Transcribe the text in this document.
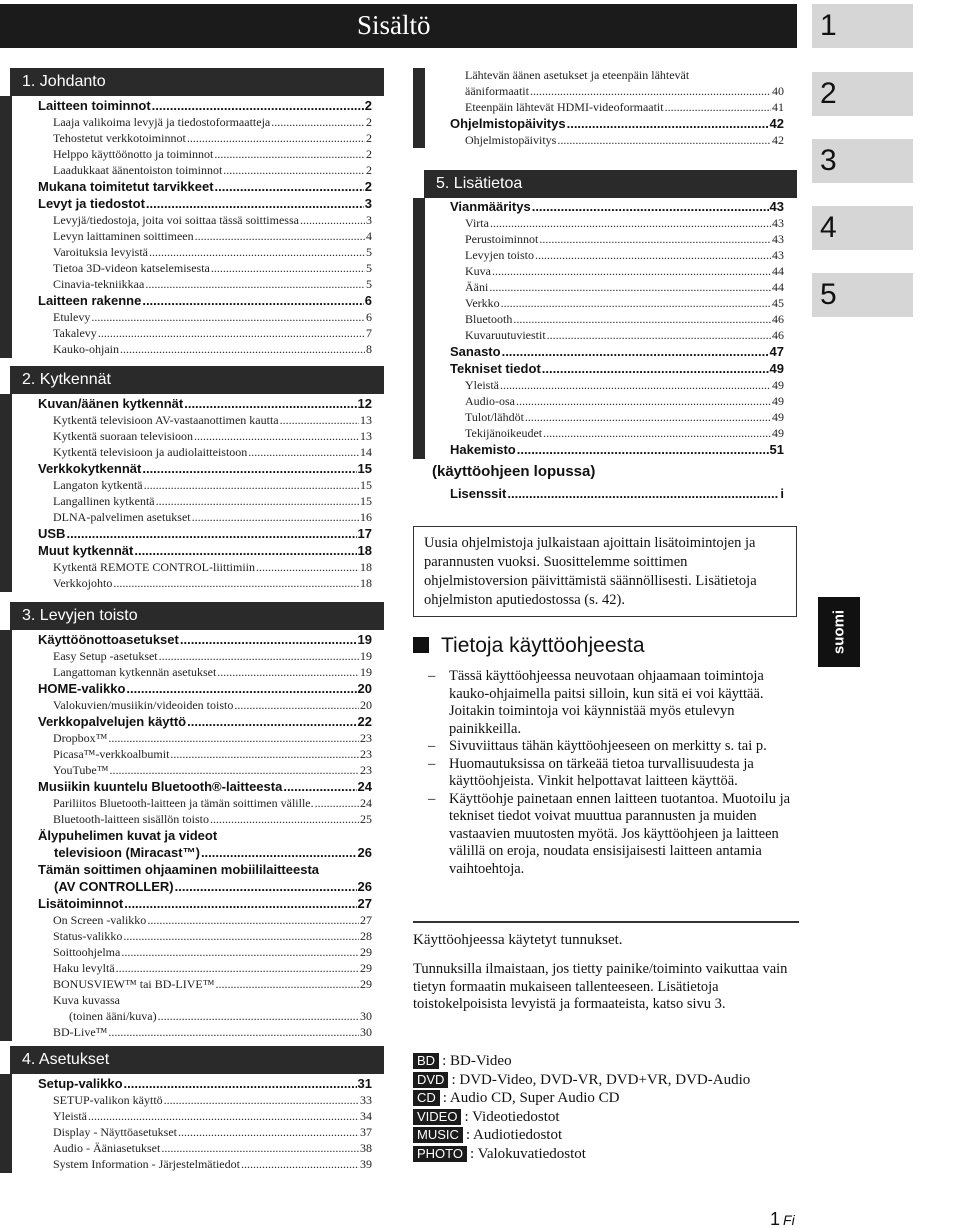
Sisältö	1
2
3
4
5
suomi
1. Johdanto
Laitteen toiminnot .....	2
Laaja valikoima levyjä ja tiedostoformaatteja .....	2
Tehostetut verkkotoiminnot .....	2
Helppo käyttöönotto ja toiminnot .....	2
Laadukkaat äänentoiston toiminnot .....	2
Mukana toimitetut tarvikkeet .....	2
Levyt ja tiedostot .....	3
Levyjä/tiedostoja, joita voi soittaa tässä soittimessa .....	3
Levyn laittaminen soittimeen .....	4
Varoituksia levyistä .....	5
Tietoa 3D-videon katselemisesta .....	5
Cinavia-tekniikkaa .....	5
Laitteen rakenne .....	6
Etulevy .....	6
Takalevy .....	7
Kauko-ohjain .....	8
2. Kytkennät
Kuvan/äänen kytkennät .....	12
Kytkentä televisioon AV-vastaanottimen kautta .....	13
Kytkentä suoraan televisioon .....	13
Kytkentä televisioon ja audiolaitteistoon .....	14
Verkkokytkennät .....	15
Langaton kytkentä .....	15
Langallinen kytkentä .....	15
DLNA-palvelimen asetukset .....	16
USB .....	17
Muut kytkennät .....	18
Kytkentä REMOTE CONTROL-liittimiin .....	18
Verkkojohto .....	18
3. Levyjen toisto
Käyttöönottoasetukset .....	19
Easy Setup -asetukset .....	19
Langattoman kytkennän asetukset .....	19
HOME-valikko .....	20
Valokuvien/musiikin/videoiden toisto .....	20
Verkkopalvelujen käyttö .....	22
Dropbox™ .....	23
Picasa™-verkkoalbumit .....	23
YouTube™ .....	23
Musiikin kuuntelu Bluetooth®-laitteesta .....	24
Pariliitos Bluetooth-laitteen ja tämän soittimen välille. .....	24
Bluetooth-laitteen sisällön toisto .....	25
Älypuhelimen kuvat ja videot
televisioon (Miracast™) .....	26
Tämän soittimen ohjaaminen mobiililaitteesta
(AV CONTROLLER) .....	26
Lisätoiminnot .....	27
On Screen -valikko .....	27
Status-valikko .....	28
Soittoohjelma .....	29
Haku levyltä .....	29
BONUSVIEW™ tai BD-LIVE™ .....	29
Kuva kuvassa
(toinen ääni/kuva) .....	30
BD-Live™ .....	30
4. Asetukset
Setup-valikko .....	31
SETUP-valikon käyttö .....	33
Yleistä .....	34
Display - Näyttöasetukset .....	37
Audio - Ääniasetukset .....	38
System Information - Järjestelmätiedot .....	39
Lähtevän äänen asetukset ja eteenpäin lähtevät
ääniformaatit .....	40
Eteenpäin lähtevät HDMI-videoformaatit .....	41
Ohjelmistopäivitys .....	42
Ohjelmistopäivitys .....	42
5. Lisätietoa
Vianmääritys .....	43
Virta .....	43
Perustoiminnot .....	43
Levyjen toisto .....	43
Kuva .....	44
Ääni .....	44
Verkko .....	45
Bluetooth .....	46
Kuvaruutuviestit .....	46
Sanasto .....	47
Tekniset tiedot .....	49
Yleistä .....	49
Audio-osa .....	49
Tulot/lähdöt .....	49
Tekijänoikeudet .....	49
Hakemisto .....	51
Lisenssit .....	i
(käyttöohjeen lopussa)
Uusia ohjelmistoja julkaistaan ajoittain lisätoimintojen ja parannusten vuoksi. Suosittelemme soittimen ohjelmistoversion päivittämistä säännöllisesti. Lisätietoja ohjelmiston aputiedostossa (s. 42).
Tietoja käyttöohjeesta
– Tässä käyttöohjeessa neuvotaan ohjaamaan toimintoja kauko-ohjaimella paitsi silloin, kun sitä ei voi käyttää. Joitakin toimintoja voi käynnistää myös etulevyn painikkeilla.
– Sivuviittaus tähän käyttöohjeeseen on merkitty s. tai p.
– Huomautuksissa on tärkeää tietoa turvallisuudesta ja käyttöohjeista. Vinkit helpottavat laitteen käyttöä.
– Käyttöohje painetaan ennen laitteen tuotantoa. Muotoilu ja tekniset tiedot voivat muuttua parannusten ja muiden vastaavien muutosten myötä. Jos käyttöohjeen ja laitteen välillä on eroja, noudata ensisijaisesti laitteen antamia vaihtoehtoja.
Käyttöohjeessa käytetyt tunnukset.
Tunnuksilla ilmaistaan, jos tietty painike/toiminto vaikuttaa vain tietyn formaatin mukaiseen tallenteeseen. Lisätietoja toistokelpoisista levyistä ja formaateista, katso sivu 3.
BD : BD-Video
DVD : DVD-Video, DVD-VR, DVD+VR, DVD-Audio
CD : Audio CD, Super Audio CD
VIDEO : Videotiedostot
MUSIC : Audiotiedostot
PHOTO : Valokuvatiedostot
1 Fi
